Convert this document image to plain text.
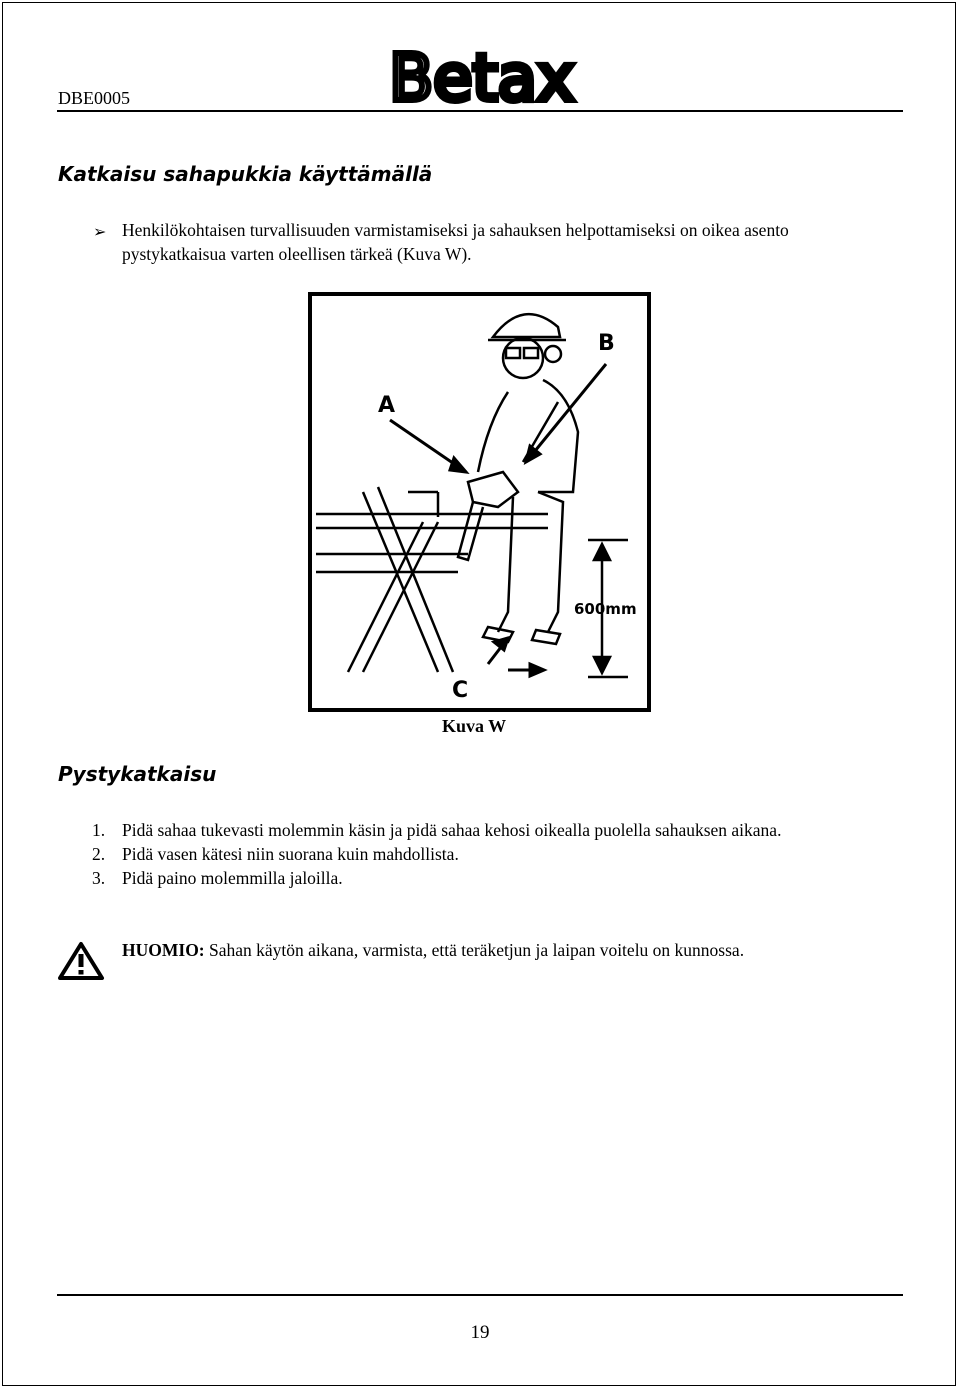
DBE0005	Betax
Katkaisu sahapukkia käyttämällä
➢ Henkilökohtaisen turvallisuuden varmistamiseksi ja sahauksen helpottamiseksi on oikea asento pystykatkaisua varten oleellisen tärkeä (Kuva W).
A
B
C
600mm
Kuva W
Pystykatkaisu
1. Pidä sahaa tukevasti molemmin käsin ja pidä sahaa kehosi oikealla puolella sahauksen aikana.
2. Pidä vasen kätesi niin suorana kuin mahdollista.
3. Pidä paino molemmilla jaloilla.
HUOMIO: Sahan käytön aikana, varmista, että teräketjun ja laipan voitelu on kunnossa.
19
